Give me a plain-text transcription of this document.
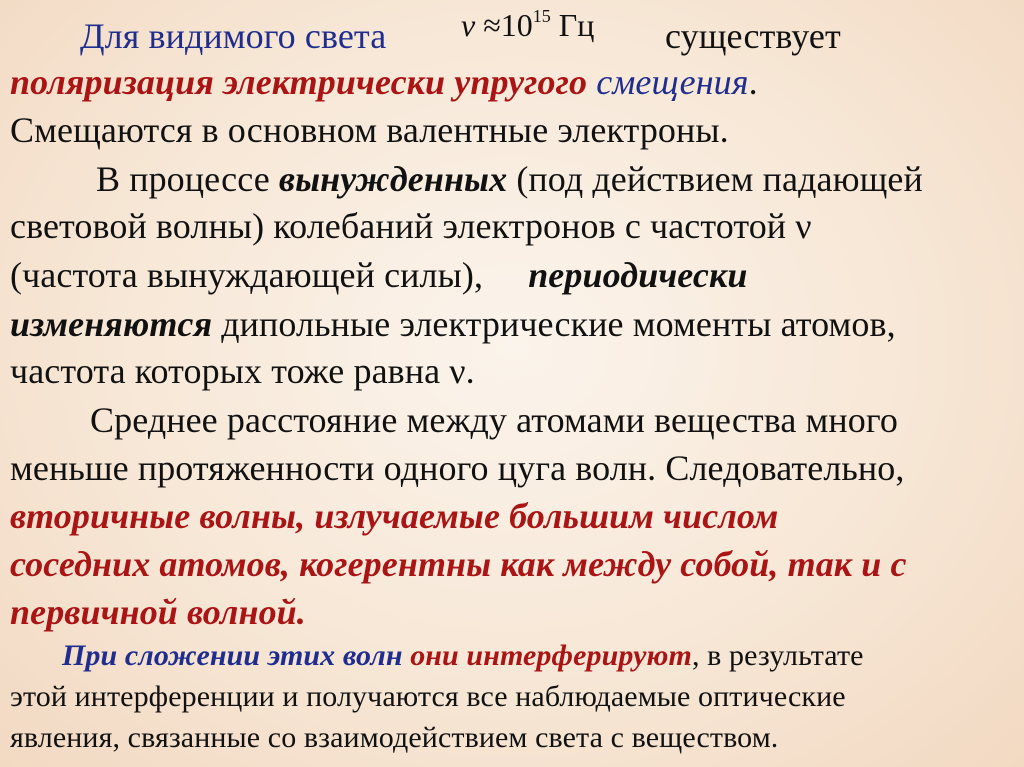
Для видимого света $\nu \approx 10^{15}$ Гц существует
поляризация электрически упругого смещения.
Смещаются в основном валентные электроны.
В процессе вынужденных (под действием падающей
световой волны) колебаний электронов с частотой ν
(частота вынуждающей силы), периодически
изменяются дипольные электрические моменты атомов,
частота которых тоже равна ν.
Среднее расстояние между атомами вещества много
меньше протяженности одного цуга волн. Следовательно,
вторичные волны, излучаемые большим числом
соседних атомов, когерентны как между собой, так и с
первичной волной.
При сложении этих волн они интерферируют, в результате
этой интерференции и получаются все наблюдаемые оптические
явления, связанные со взаимодействием света с веществом.
